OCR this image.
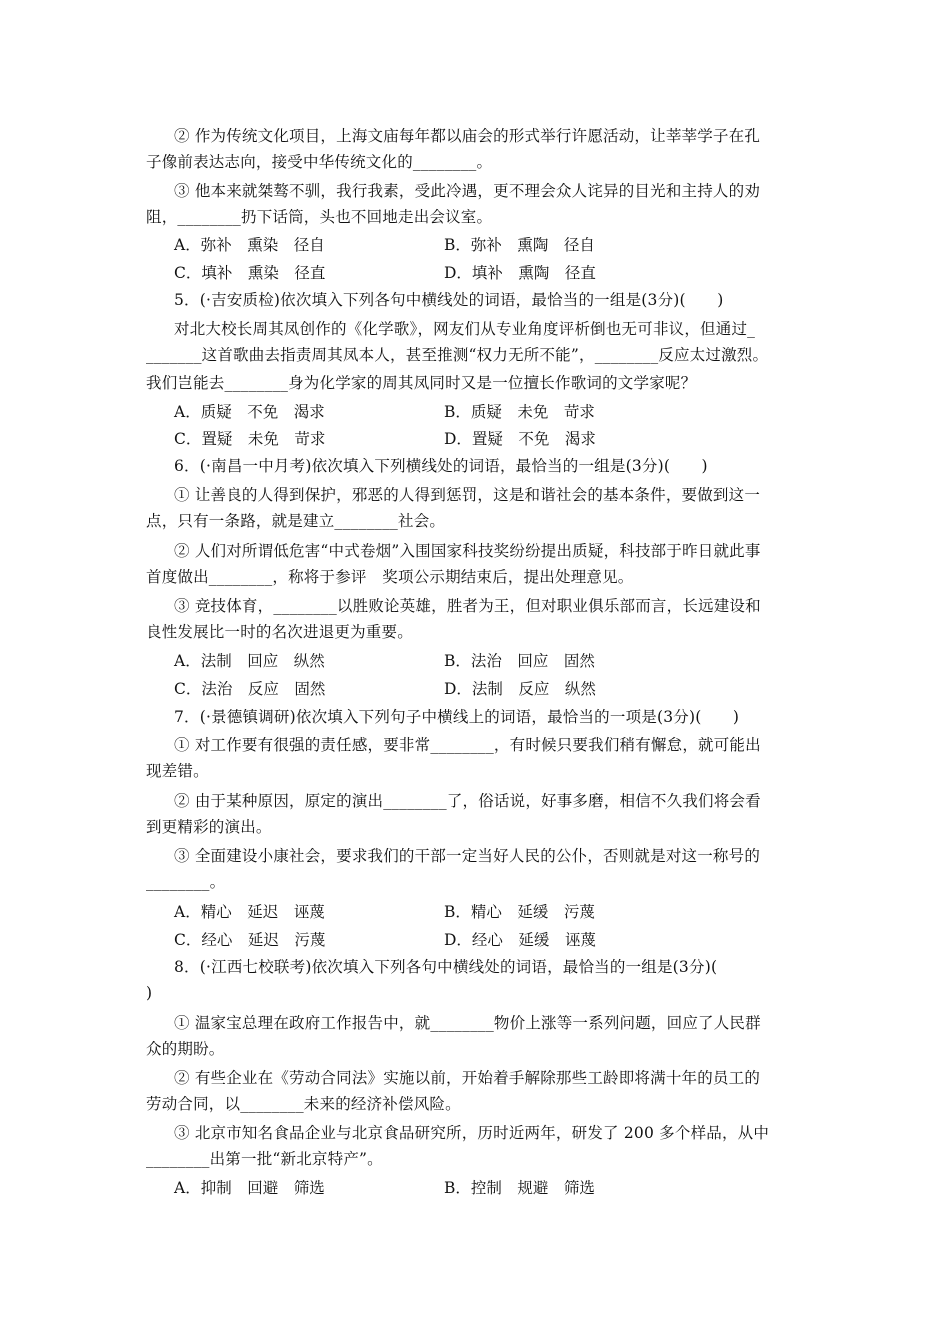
② 作为传统文化项目，上海文庙每年都以庙会的形式举行许愿活动，让莘莘学子在孔
子像前表达志向，接受中华传统文化的________。
③ 他本来就桀骜不驯，我行我素，受此冷遇，更不理会众人诧异的目光和主持人的劝
阻，________扔下话筒，头也不回地走出会议室。
A．弥补　熏染　径自	B．弥补　熏陶　径自
C．填补　熏染　径直	D．填补　熏陶　径直
5．(·吉安质检)依次填入下列各句中横线处的词语，最恰当的一组是(3分)(　　)
对北大校长周其凤创作的《化学歌》，网友们从专业角度评析倒也无可非议，但通过_
_______这首歌曲去指责周其凤本人，甚至推测“权力无所不能”，________反应太过激烈。
我们岂能去________身为化学家的周其凤同时又是一位擅长作歌词的文学家呢？
A．质疑　不免　渴求	B．质疑　未免　苛求
C．置疑　未免　苛求	D．置疑　不免　渴求
6．(·南昌一中月考)依次填入下列横线处的词语，最恰当的一组是(3分)(　　)
① 让善良的人得到保护，邪恶的人得到惩罚，这是和谐社会的基本条件，要做到这一
点，只有一条路，就是建立________社会。
② 人们对所谓低危害“中式卷烟”入围国家科技奖纷纷提出质疑，科技部于昨日就此事
首度做出________，称将于参评　奖项公示期结束后，提出处理意见。
③ 竞技体育，________以胜败论英雄，胜者为王，但对职业俱乐部而言，长远建设和
良性发展比一时的名次进退更为重要。
A．法制　回应　纵然	B．法治　回应　固然
C．法治　反应　固然	D．法制　反应　纵然
7．(·景德镇调研)依次填入下列句子中横线上的词语，最恰当的一项是(3分)(　　)
① 对工作要有很强的责任感，要非常________，有时候只要我们稍有懈怠，就可能出
现差错。
② 由于某种原因，原定的演出________了，俗话说，好事多磨，相信不久我们将会看
到更精彩的演出。
③ 全面建设小康社会，要求我们的干部一定当好人民的公仆，否则就是对这一称号的
________。
A．精心　延迟　诬蔑	B．精心　延缓　污蔑
C．经心　延迟　污蔑	D．经心　延缓　诬蔑
8．(·江西七校联考)依次填入下列各句中横线处的词语，最恰当的一组是(3分)(
)
① 温家宝总理在政府工作报告中，就________物价上涨等一系列问题，回应了人民群
众的期盼。
② 有些企业在《劳动合同法》实施以前，开始着手解除那些工龄即将满十年的员工的
劳动合同，以________未来的经济补偿风险。
③ 北京市知名食品企业与北京食品研究所，历时近两年，研发了 200 多个样品，从中
________出第一批“新北京特产”。
A．抑制　回避　筛选	B．控制　规避　筛选
